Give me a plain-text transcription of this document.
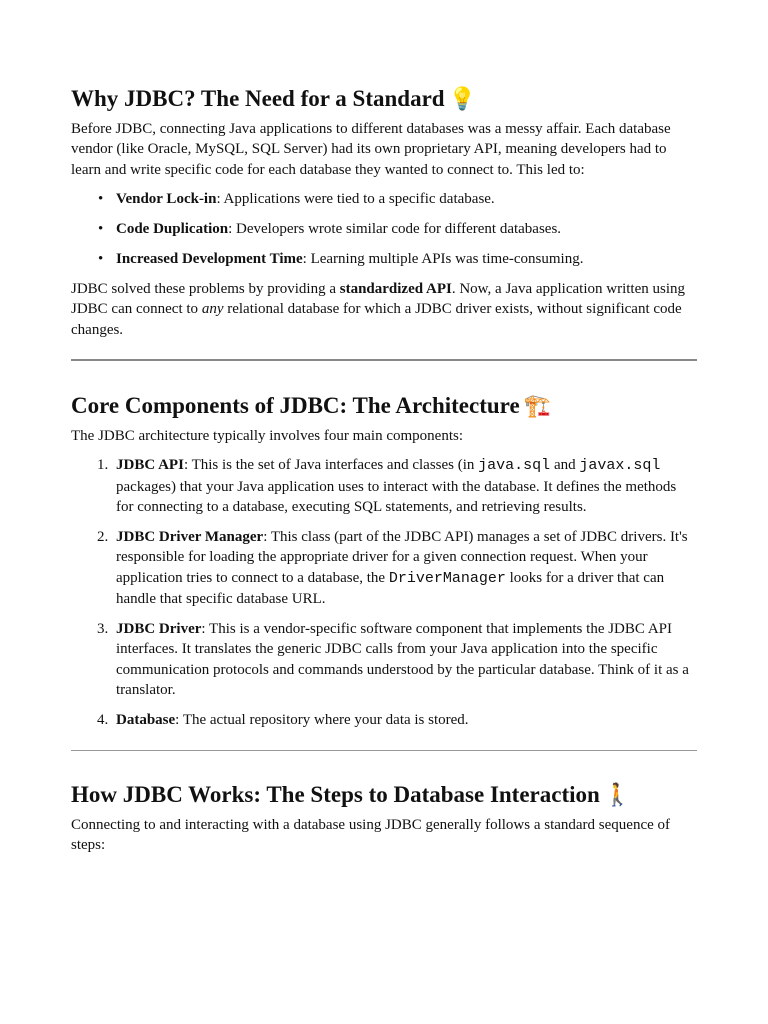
Why JDBC? The Need for a Standard 💡

Before JDBC, connecting Java applications to different databases was a messy affair. Each database vendor (like Oracle, MySQL, SQL Server) had its own proprietary API, meaning developers had to learn and write specific code for each database they wanted to connect to. This led to:

• Vendor Lock-in: Applications were tied to a specific database.
• Code Duplication: Developers wrote similar code for different databases.
• Increased Development Time: Learning multiple APIs was time-consuming.

JDBC solved these problems by providing a standardized API. Now, a Java application written using JDBC can connect to any relational database for which a JDBC driver exists, without significant code changes.

Core Components of JDBC: The Architecture 🏗️

The JDBC architecture typically involves four main components:

1. JDBC API: This is the set of Java interfaces and classes (in java.sql and javax.sql packages) that your Java application uses to interact with the database. It defines the methods for connecting to a database, executing SQL statements, and retrieving results.
2. JDBC Driver Manager: This class (part of the JDBC API) manages a set of JDBC drivers. It's responsible for loading the appropriate driver for a given connection request. When your application tries to connect to a database, the DriverManager looks for a driver that can handle that specific database URL.
3. JDBC Driver: This is a vendor-specific software component that implements the JDBC API interfaces. It translates the generic JDBC calls from your Java application into the specific communication protocols and commands understood by the particular database. Think of it as a translator.
4. Database: The actual repository where your data is stored.
How JDBC Works: The Steps to Database Interaction 🚶

Connecting to and interacting with a database using JDBC generally follows a standard sequence of steps:
